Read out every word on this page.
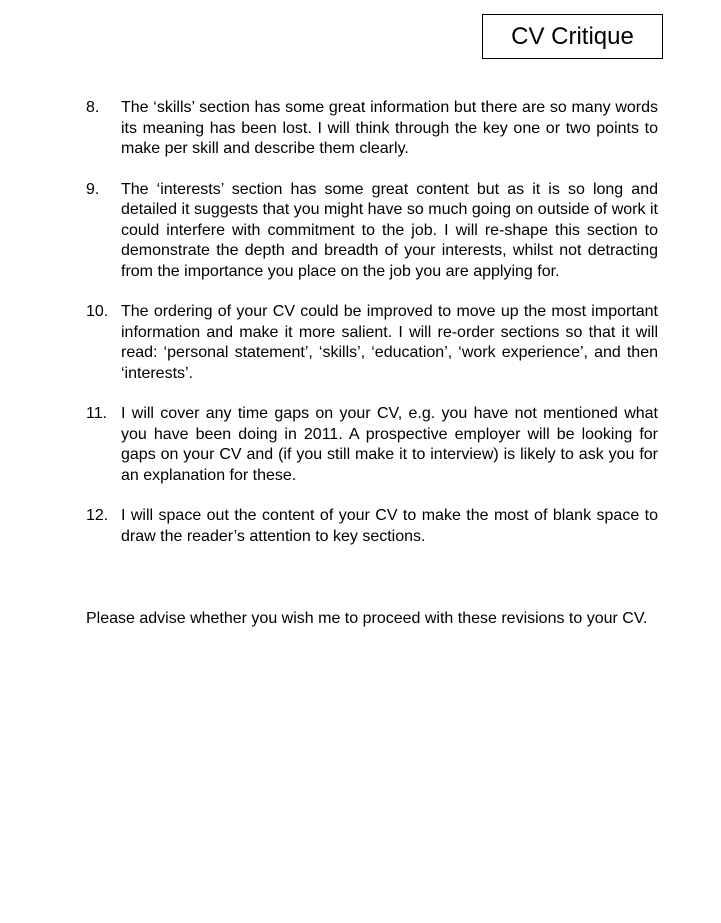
CV Critique
8. The ‘skills’ section has some great information but there are so many words its meaning has been lost. I will think through the key one or two points to make per skill and describe them clearly.
9. The ‘interests’ section has some great content but as it is so long and detailed it suggests that you might have so much going on outside of work it could interfere with commitment to the job. I will re-shape this section to demonstrate the depth and breadth of your interests, whilst not detracting from the importance you place on the job you are applying for.
10. The ordering of your CV could be improved to move up the most important information and make it more salient. I will re-order sections so that it will read: ‘personal statement’, ‘skills’, ‘education’, ‘work experience’, and then ‘interests’.
11. I will cover any time gaps on your CV, e.g. you have not mentioned what you have been doing in 2011. A prospective employer will be looking for gaps on your CV and (if you still make it to interview) is likely to ask you for an explanation for these.
12. I will space out the content of your CV to make the most of blank space to draw the reader’s attention to key sections.

Please advise whether you wish me to proceed with these revisions to your CV.
